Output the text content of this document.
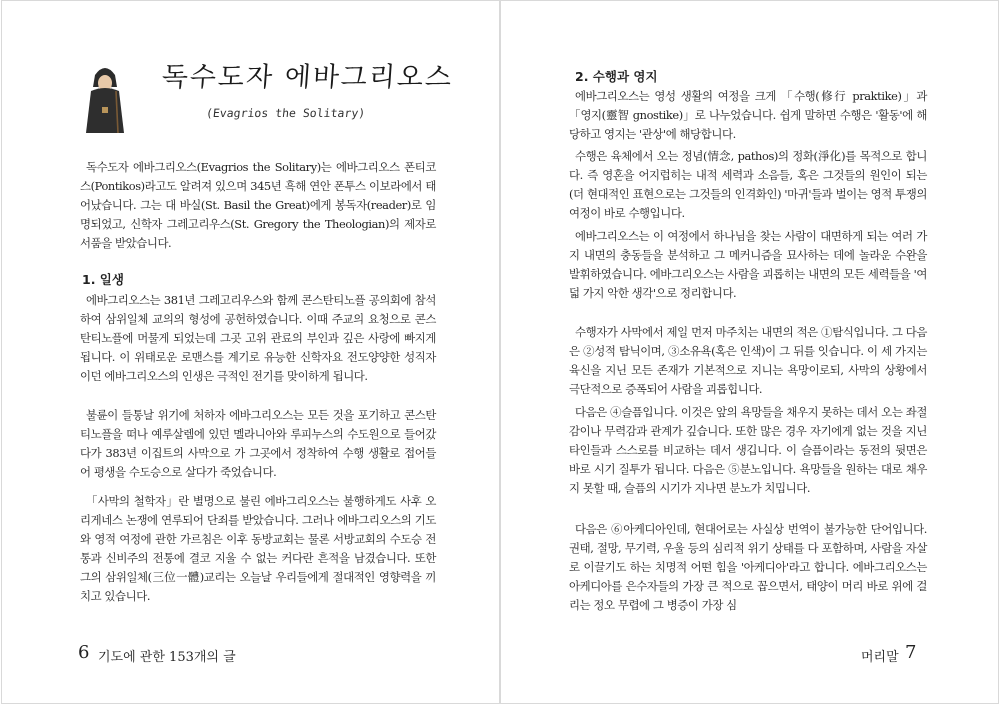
독수도자 에바그리오스
(Evagrios the Solitary)

독수도자 에바그리오스(Evagrios the Solitary)는 에바그리오스 폰티코스(Pontikos)라고도 알려져 있으며 345년 흑해 연안 폰투스 이보라에서 태어났습니다. 그는 대 바실(St. Basil the Great)에게 봉독자(reader)로 임명되었고, 신학자 그레고리우스(St. Gregory the Theologian)의 제자로 서품을 받았습니다.

1. 일생

에바그리오스는 381년 그레고리우스와 함께 콘스탄티노플 공의회에 참석하여 삼위일체 교의의 형성에 공헌하였습니다. 이때 주교의 요청으로 콘스탄티노플에 머물게 되었는데 그곳 고위 관료의 부인과 깊은 사랑에 빠지게 됩니다. 이 위태로운 로맨스를 계기로 유능한 신학자요 전도양양한 성직자이던 에바그리오스의 인생은 극적인 전기를 맞이하게 됩니다.

불륜이 들통날 위기에 처하자 에바그리오스는 모든 것을 포기하고 콘스탄티노플을 떠나 예루살렘에 있던 멜라니아와 루피누스의 수도원으로 들어갔다가 383년 이집트의 사막으로 가 그곳에서 정착하여 수행 생활로 접어들어 평생을 수도승으로 살다가 죽었습니다.

「사막의 철학자」란 별명으로 불린 에바그리오스는 불행하게도 사후 오리게네스 논쟁에 연루되어 단죄를 받았습니다. 그러나 에바그리오스의 기도와 영적 여정에 관한 가르침은 이후 동방교회는 물론 서방교회의 수도승 전통과 신비주의 전통에 결코 지울 수 없는 커다란 흔적을 남겼습니다. 또한 그의 삼위일체(三位一體)교리는 오늘날 우리들에게 절대적인 영향력을 끼치고 있습니다.

6 기도에 관한 153개의 글
2. 수행과 영지

에바그리오스는 영성 생활의 여정을 크게 「수행(修行 praktike)」과 「영지(靈智 gnostike)」로 나누었습니다. 쉽게 말하면 수행은 '활동'에 해당하고 영지는 '관상'에 해당합니다.

수행은 육체에서 오는 정념(情念, pathos)의 정화(淨化)를 목적으로 합니다. 즉 영혼을 어지럽히는 내적 세력과 소음들, 혹은 그것들의 원인이 되는(더 현대적인 표현으로는 그것들의 인격화인) '마귀'들과 벌이는 영적 투쟁의 여정이 바로 수행입니다.

에바그리오스는 이 여정에서 하나님을 찾는 사람이 대면하게 되는 여러 가지 내면의 충동들을 분석하고 그 메커니즘을 묘사하는 데에 놀라운 수완을 발휘하였습니다. 에바그리오스는 사람을 괴롭히는 내면의 모든 세력들을 '여덟 가지 악한 생각'으로 정리합니다.

수행자가 사막에서 제일 먼저 마주치는 내면의 적은 ①탐식입니다. 그 다음은 ②성적 탐닉이며, ③소유욕(혹은 인색)이 그 뒤를 잇습니다. 이 세 가지는 육신을 지닌 모든 존재가 기본적으로 지니는 욕망이로되, 사막의 상황에서 극단적으로 증폭되어 사람을 괴롭힙니다.

다음은 ④슬픔입니다. 이것은 앞의 욕망들을 채우지 못하는 데서 오는 좌절감이나 무력감과 관계가 깊습니다. 또한 많은 경우 자기에게 없는 것을 지닌 타인들과 스스로를 비교하는 데서 생깁니다. 이 슬픔이라는 동전의 뒷면은 바로 시기 질투가 됩니다. 다음은 ⑤분노입니다. 욕망들을 원하는 대로 채우지 못할 때, 슬픔의 시기가 지나면 분노가 치밉니다.

다음은 ⑥아케디아인데, 현대어로는 사실상 번역이 불가능한 단어입니다. 권태, 절망, 무기력, 우울 등의 심리적 위기 상태를 다 포함하며, 사람을 자살로 이끌기도 하는 치명적 어떤 힘을 '아케디아'라고 합니다. 에바그리오스는 아케디아를 은수자들의 가장 큰 적으로 꼽으면서, 태양이 머리 바로 위에 걸리는 정오 무렵에 그 병증이 가장 심

머리말 7
